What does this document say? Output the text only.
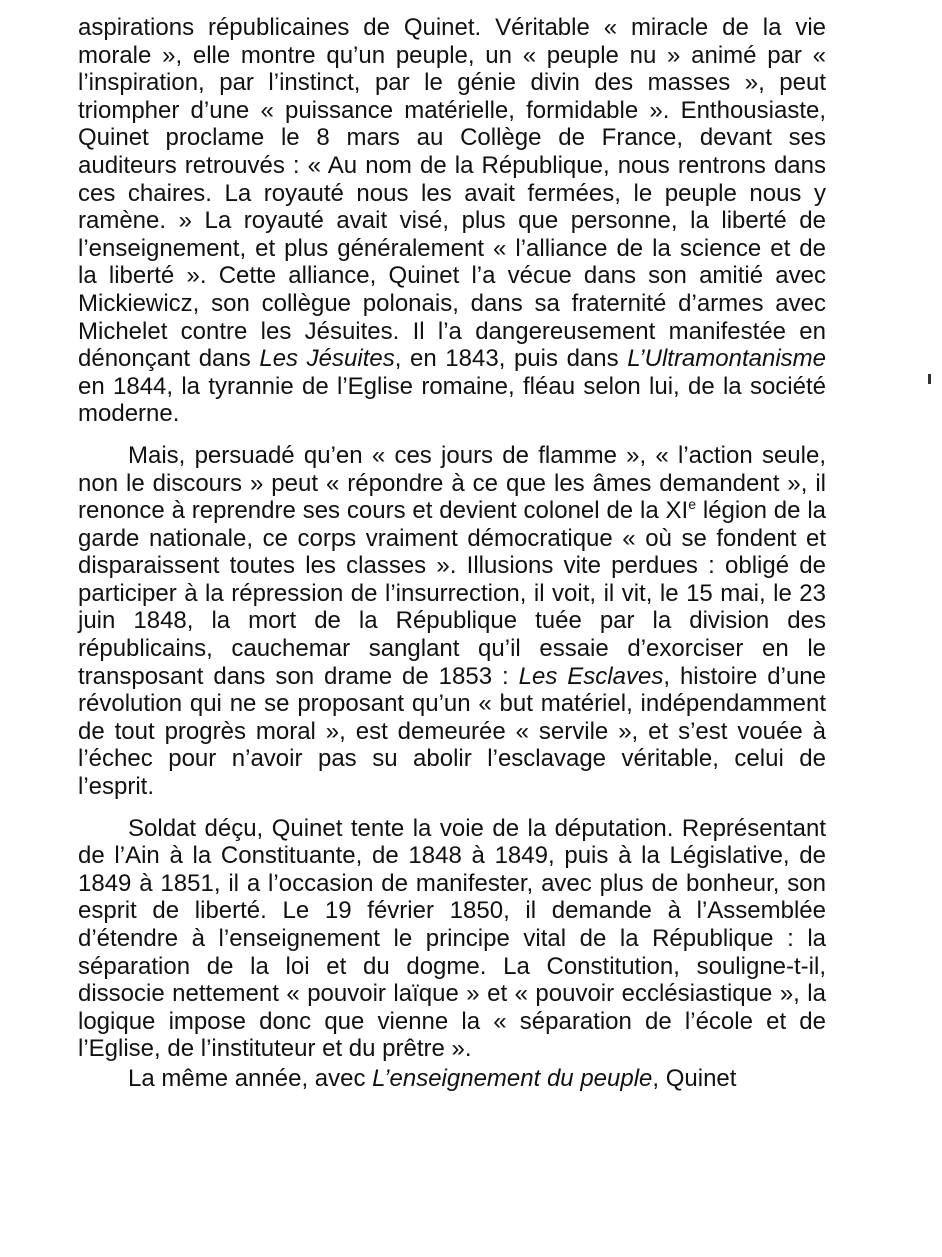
aspirations républicaines de Quinet. Véritable « miracle de la vie morale », elle montre qu’un peuple, un « peuple nu » animé par « l’inspiration, par l’instinct, par le génie divin des masses », peut triompher d’une « puissance matérielle, formidable ». Enthousiaste, Quinet proclame le 8 mars au Collège de France, devant ses auditeurs retrouvés : « Au nom de la République, nous rentrons dans ces chaires. La royauté nous les avait fermées, le peuple nous y ramène. » La royauté avait visé, plus que personne, la liberté de l’enseignement, et plus généralement « l’alliance de la science et de la liberté ». Cette alliance, Quinet l’a vécue dans son amitié avec Mickiewicz, son collègue polonais, dans sa fraternité d’armes avec Michelet contre les Jésuites. Il l’a dangereusement manifestée en dénonçant dans Les Jésuites, en 1843, puis dans L’Ultramontanisme en 1844, la tyrannie de l’Eglise romaine, fléau selon lui, de la société moderne.

Mais, persuadé qu’en « ces jours de flamme », « l’action seule, non le discours » peut « répondre à ce que les âmes demandent », il renonce à reprendre ses cours et devient colonel de la XIe légion de la garde nationale, ce corps vraiment démocratique « où se fondent et disparaissent toutes les classes ». Illusions vite perdues : obligé de participer à la répression de l’insurrection, il voit, il vit, le 15 mai, le 23 juin 1848, la mort de la République tuée par la division des républicains, cauchemar sanglant qu’il essaie d’exorciser en le transposant dans son drame de 1853 : Les Esclaves, histoire d’une révolution qui ne se proposant qu’un « but matériel, indépendamment de tout progrès moral », est demeurée « servile », et s’est vouée à l’échec pour n’avoir pas su abolir l’esclavage véritable, celui de l’esprit.

Soldat déçu, Quinet tente la voie de la députation. Représentant de l’Ain à la Constituante, de 1848 à 1849, puis à la Législative, de 1849 à 1851, il a l’occasion de manifester, avec plus de bonheur, son esprit de liberté. Le 19 février 1850, il demande à l’Assemblée d’étendre à l’enseignement le principe vital de la République : la séparation de la loi et du dogme. La Constitution, souligne-t-il, dissocie nettement « pouvoir laïque » et « pouvoir ecclésiastique », la logique impose donc que vienne la « séparation de l’école et de l’Eglise, de l’instituteur et du prêtre ».

La même année, avec L’enseignement du peuple, Quinet
